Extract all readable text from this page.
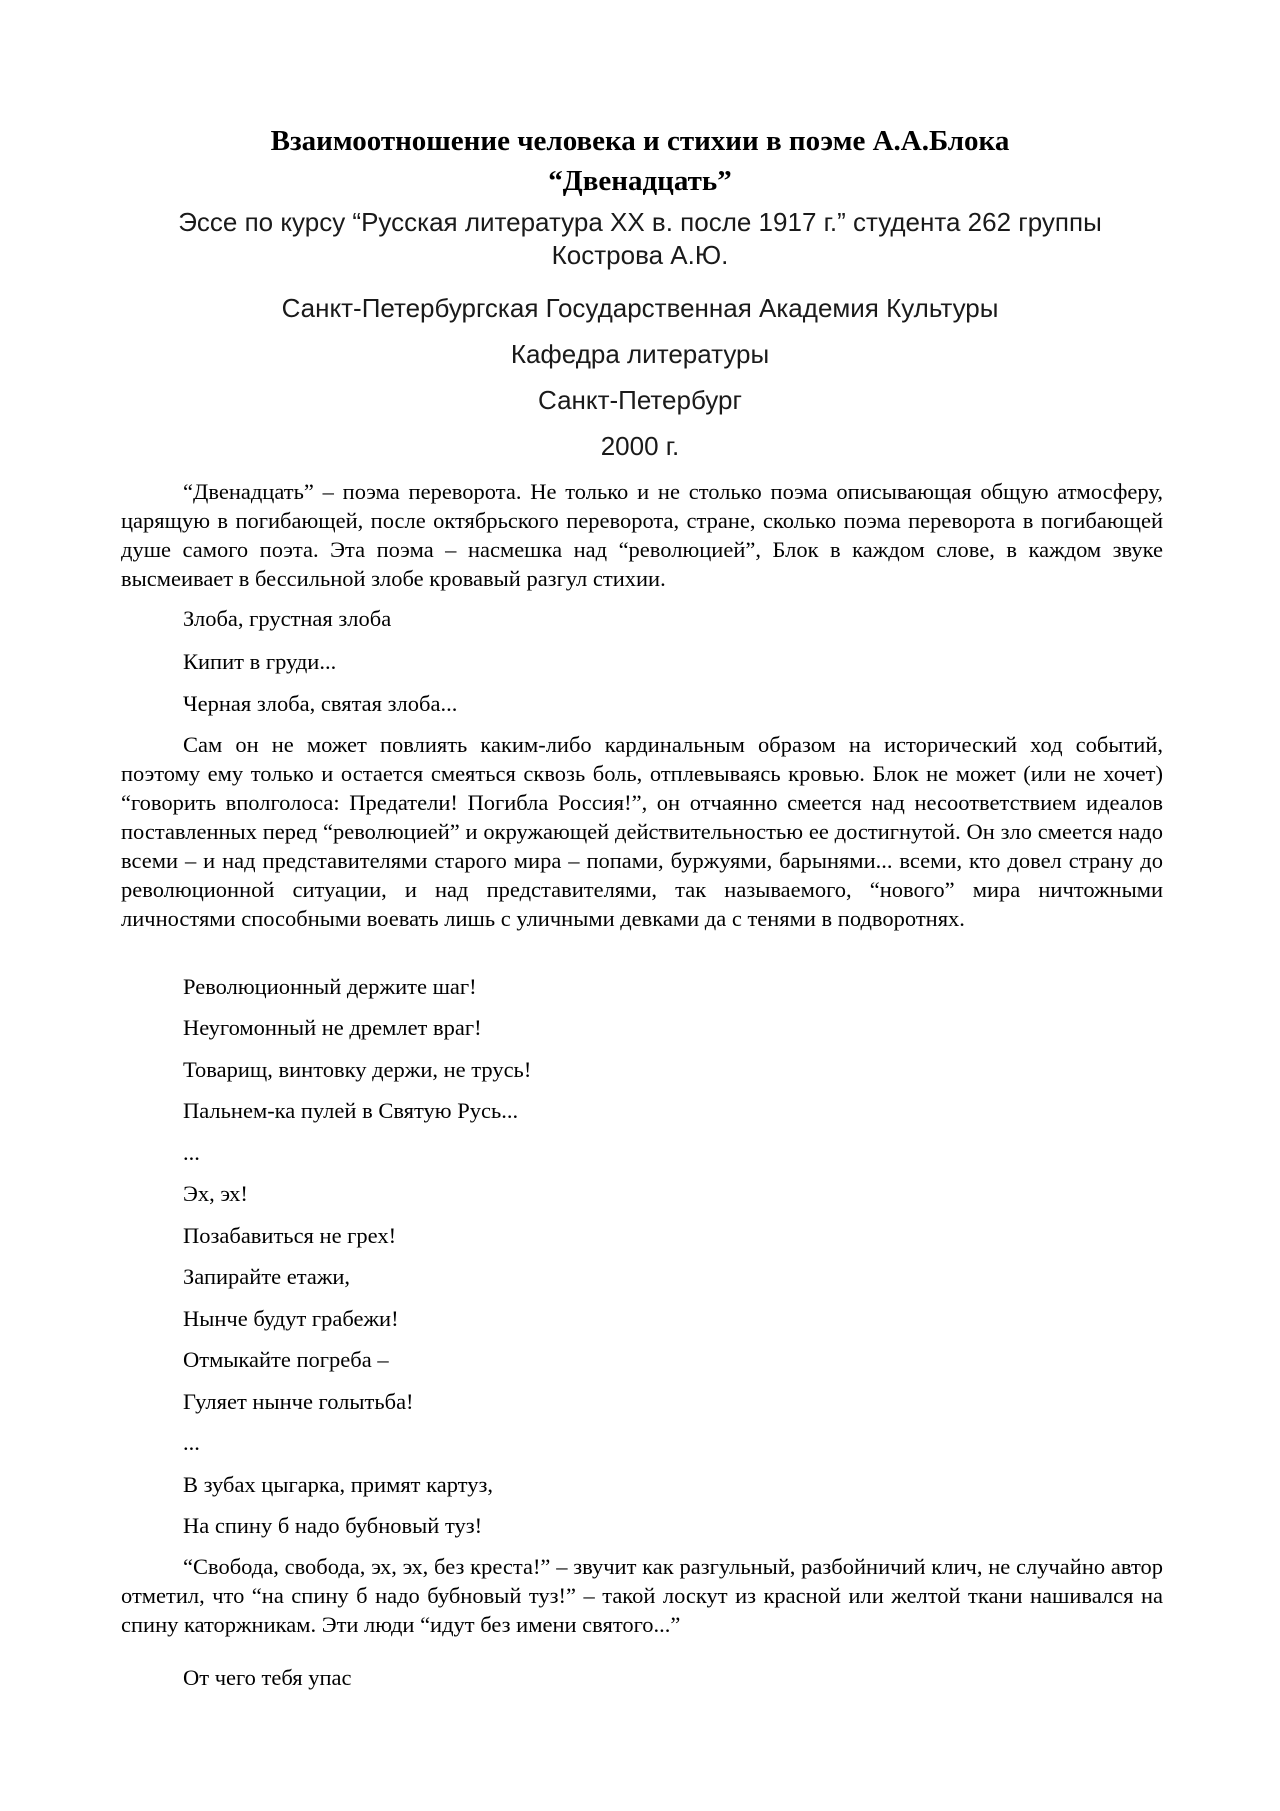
Взаимоотношение человека и стихии в поэме А.А.Блока
“Двенадцать”

Эссе по курсу “Русская литература XX в. после 1917 г.” студента 262 группы
Кострова А.Ю.

Санкт-Петербургская Государственная Академия Культуры

Кафедра литературы

Санкт-Петербург

2000 г.

“Двенадцать” – поэма переворота. Не только и не столько поэма описывающая общую атмосферу, царящую в погибающей, после октябрьского переворота, стране, сколько поэма переворота в погибающей душе самого поэта. Эта поэма – насмешка над “революцией”, Блок в каждом слове, в каждом звуке высмеивает в бессильной злобе кровавый разгул стихии.

Злоба, грустная злоба

Кипит в груди...

Черная злоба, святая злоба...

Сам он не может повлиять каким-либо кардинальным образом на исторический ход событий, поэтому ему только и остается смеяться сквозь боль, отплевываясь кровью. Блок не может (или не хочет) “говорить вполголоса: Предатели! Погибла Россия!”, он отчаянно смеется над несоответствием идеалов поставленных перед “революцией” и окружающей действительностью ее достигнутой. Он зло смеется надо всеми – и над представителями старого мира – попами, буржуями, барынями... всеми, кто довел страну до революционной ситуации, и над представителями, так называемого, “нового” мира ничтожными личностями способными воевать лишь с уличными девками да с тенями в подворотнях.

Революционный держите шаг!

Неугомонный не дремлет враг!

Товарищ, винтовку держи, не трусь!

Пальнем-ка пулей в Святую Русь...

...

Эх, эх!

Позабавиться не грех!

Запирайте етажи,

Нынче будут грабежи!

Отмыкайте погреба –

Гуляет нынче голытьба!

...

В зубах цыгарка, примят картуз,

На спину б надо бубновый туз!

“Свобода, свобода, эх, эх, без креста!” – звучит как разгульный, разбойничий клич, не случайно автор отметил, что “на спину б надо бубновый туз!” – такой лоскут из красной или желтой ткани нашивался на спину каторжникам. Эти люди “идут без имени святого...”

От чего тебя упас
